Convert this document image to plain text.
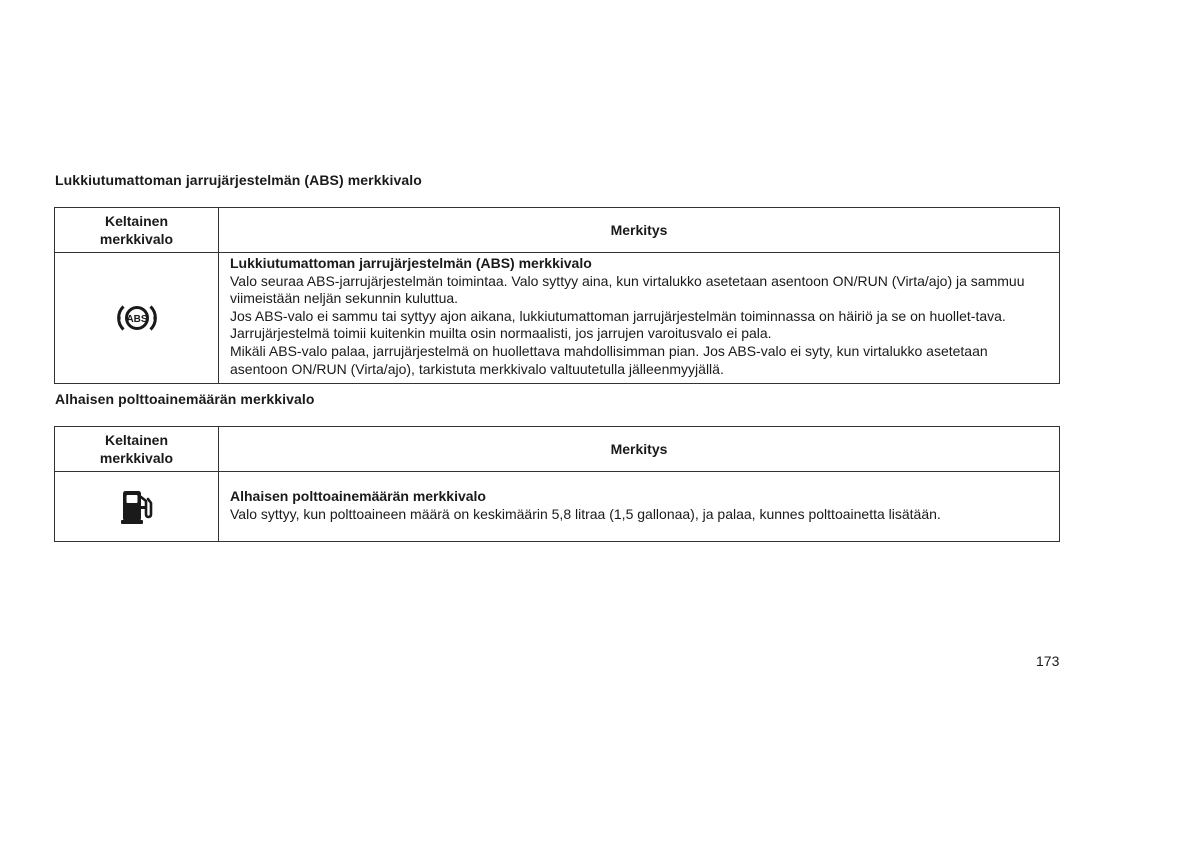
Lukkiutumattoman jarrujärjestelmän (ABS) merkkivalo
Keltainen
merkkivalo	Merkitys

ABS	Lukkiutumattoman jarrujärjestelmän (ABS) merkkivalo
Valo seuraa ABS-jarrujärjestelmän toimintaa. Valo syttyy aina, kun virtalukko asetetaan asentoon ON/RUN (Virta/ajo) ja sammuu viimeistään neljän sekunnin kuluttua.
Jos ABS-valo ei sammu tai syttyy ajon aikana, lukkiutumattoman jarrujärjestelmän toiminnassa on häiriö ja se on huollet-tava. Jarrujärjestelmä toimii kuitenkin muilta osin normaalisti, jos jarrujen varoitusvalo ei pala.
Mikäli ABS-valo palaa, jarrujärjestelmä on huollettava mahdollisimman pian. Jos ABS-valo ei syty, kun virtalukko asetetaan asentoon ON/RUN (Virta/ajo), tarkistuta merkkivalo valtuutetulla jälleenmyyjällä.
Alhaisen polttoainemäärän merkkivalo
Keltainen
merkkivalo	Merkitys

Alhaisen polttoainemäärän merkkivalo
Valo syttyy, kun polttoaineen määrä on keskimäärin 5,8 litraa (1,5 gallonaa), ja palaa, kunnes polttoainetta lisätään.
173
